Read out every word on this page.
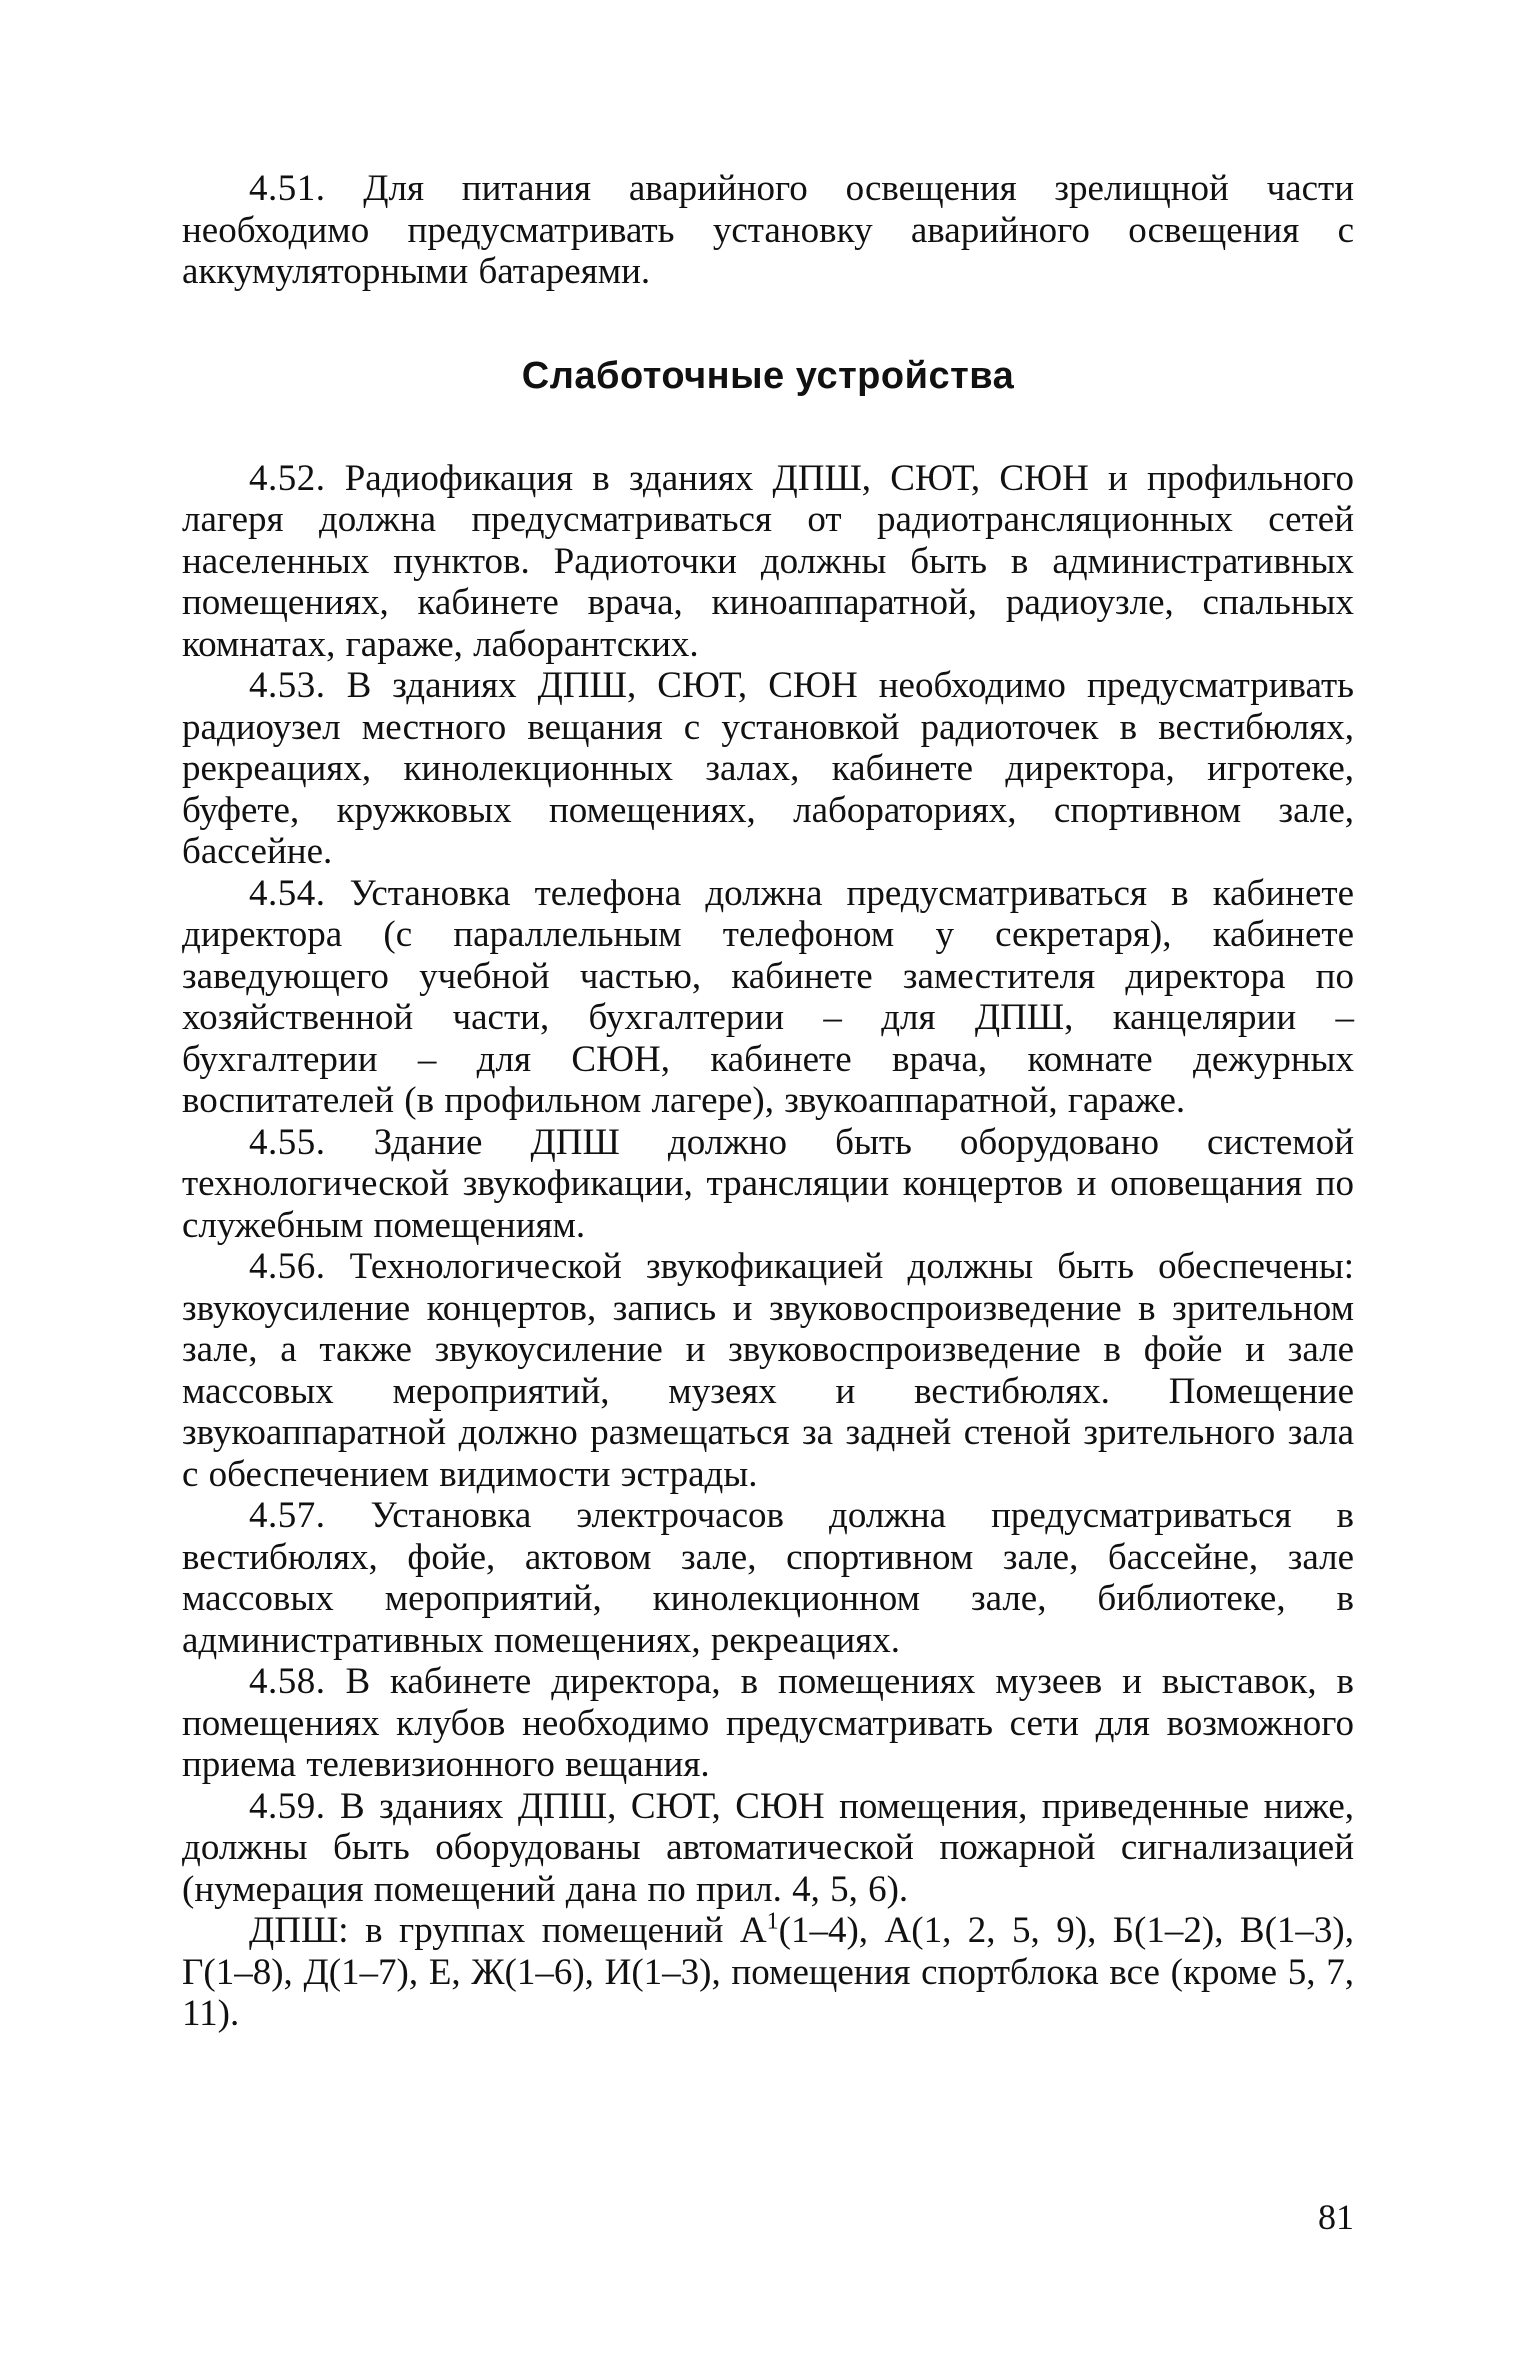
4.51. Для питания аварийного освещения зрелищной части необходимо предусматривать установку аварийного освещения с аккумуляторными батареями.

Слаботочные устройства

4.52. Радиофикация в зданиях ДПШ, СЮТ, СЮН и профильного лагеря должна предусматриваться от радиотрансляционных сетей населенных пунктов. Радиоточки должны быть в административных помещениях, кабинете врача, киноаппаратной, радиоузле, спальных комнатах, гараже, лаборантских.

4.53. В зданиях ДПШ, СЮТ, СЮН необходимо предусматривать радиоузел местного вещания с установкой радиоточек в вестибюлях, рекреациях, кинолекционных залах, кабинете директора, игротеке, буфете, кружковых помещениях, лабораториях, спортивном зале, бассейне.

4.54. Установка телефона должна предусматриваться в кабинете директора (с параллельным телефоном у секретаря), кабинете заведующего учебной частью, кабинете заместителя директора по хозяйственной части, бухгалтерии – для ДПШ, канцелярии – бухгалтерии – для СЮН, кабинете врача, комнате дежурных воспитателей (в профильном лагере), звукоаппаратной, гараже.

4.55. Здание ДПШ должно быть оборудовано системой технологической звукофикации, трансляции концертов и оповещания по служебным помещениям.

4.56. Технологической звукофикацией должны быть обеспечены: звукоусиление концертов, запись и звуковоспроизведение в зрительном зале, а также звукоусиление и звуковоспроизведение в фойе и зале массовых мероприятий, музеях и вестибюлях. Помещение звукоаппаратной должно размещаться за задней стеной зрительного зала с обеспечением видимости эстрады.

4.57. Установка электрочасов должна предусматриваться в вестибюлях, фойе, актовом зале, спортивном зале, бассейне, зале массовых мероприятий, кинолекционном зале, библиотеке, в административных помещениях, рекреациях.

4.58. В кабинете директора, в помещениях музеев и выставок, в помещениях клубов необходимо предусматривать сети для возможного приема телевизионного вещания.

4.59. В зданиях ДПШ, СЮТ, СЮН помещения, приведенные ниже, должны быть оборудованы автоматической пожарной сигнализацией (нумерация помещений дана по прил. 4, 5, 6).

ДПШ: в группах помещений $А^1(1-4)$, А(1, 2, 5, 9), Б(1–2), В(1–3), Г(1–8), Д(1–7), Е, Ж(1–6), И(1–3), помещения спортблока все (кроме 5, 7, 11).

81
